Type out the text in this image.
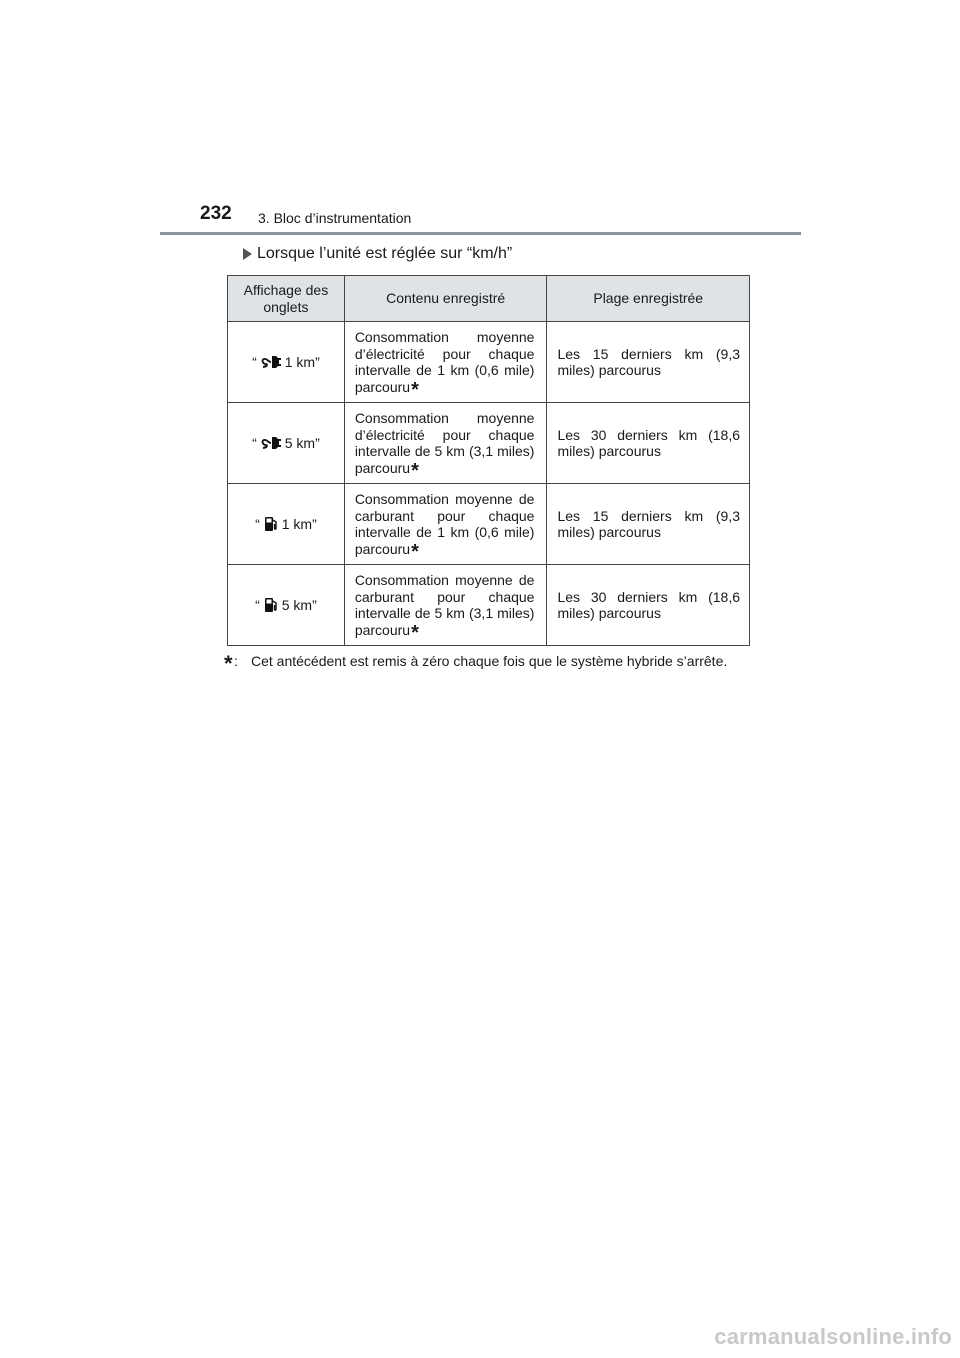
232 3. Bloc d’instrumentation
Lorsque l’unité est réglée sur “km/h”
Affichage des onglets	Contenu enregistré	Plage enregistrée

“ 1 km”	Consommation moyenne d’électricité pour chaque intervalle de 1 km (0,6 mile) parcouru*	Les 15 derniers km (9,3 miles) parcourus

“ 5 km”	Consommation moyenne d’électricité pour chaque intervalle de 5 km (3,1 miles) parcouru*	Les 30 derniers km (18,6 miles) parcourus

“ 1 km”	Consommation moyenne de carburant pour chaque intervalle de 1 km (0,6 mile) parcouru*	Les 15 derniers km (9,3 miles) parcourus

“ 5 km”	Consommation moyenne de carburant pour chaque intervalle de 5 km (3,1 miles) parcouru*	Les 30 derniers km (18,6 miles) parcourus
* : Cet antécédent est remis à zéro chaque fois que le système hybride s’arrête.
carmanualsonline.info
